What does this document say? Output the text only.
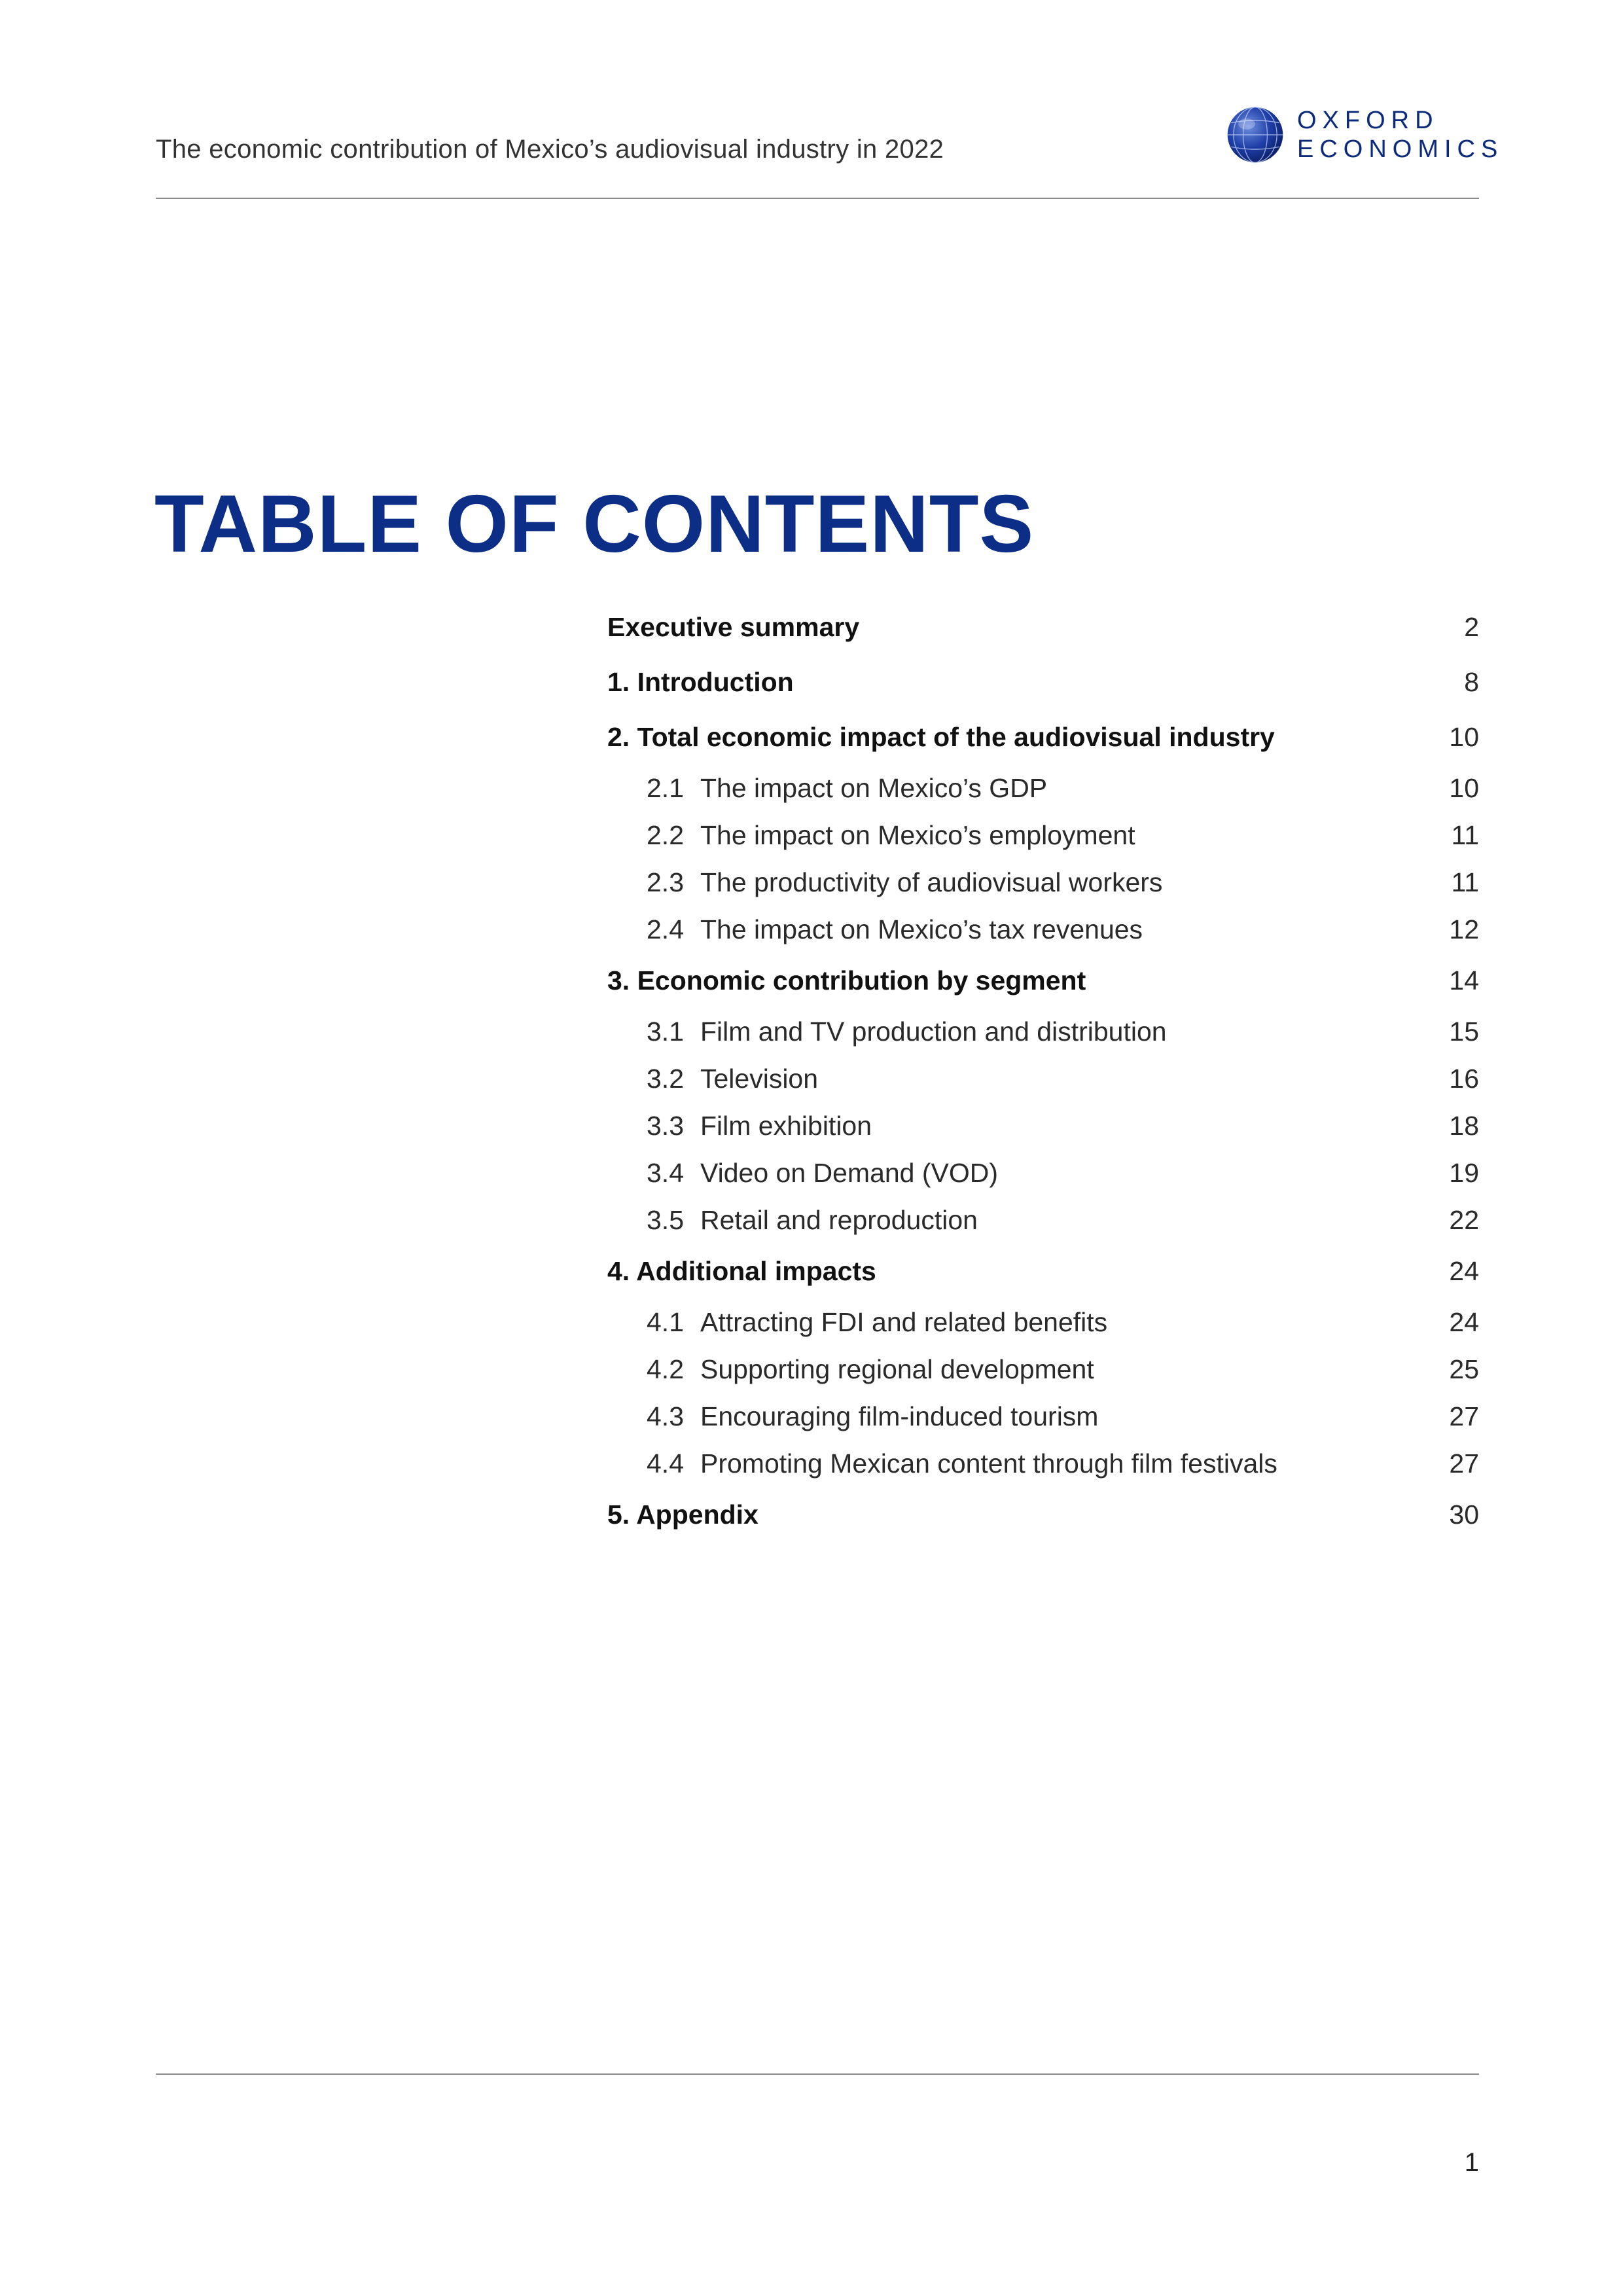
The economic contribution of Mexico’s audiovisual industry in 2022
OXFORD
ECONOMICS
TABLE OF CONTENTS
Executive summary	2
1. Introduction	8
2. Total economic impact of the audiovisual industry	10
2.1 The impact on Mexico’s GDP	10
2.2 The impact on Mexico’s employment	11
2.3 The productivity of audiovisual workers	11
2.4 The impact on Mexico’s tax revenues	12
3. Economic contribution by segment	14
3.1 Film and TV production and distribution	15
3.2 Television	16
3.3 Film exhibition	18
3.4 Video on Demand (VOD)	19
3.5 Retail and reproduction	22
4. Additional impacts	24
4.1 Attracting FDI and related benefits	24
4.2 Supporting regional development	25
4.3 Encouraging film-induced tourism	27
4.4 Promoting Mexican content through film festivals	27
5. Appendix	30
1
